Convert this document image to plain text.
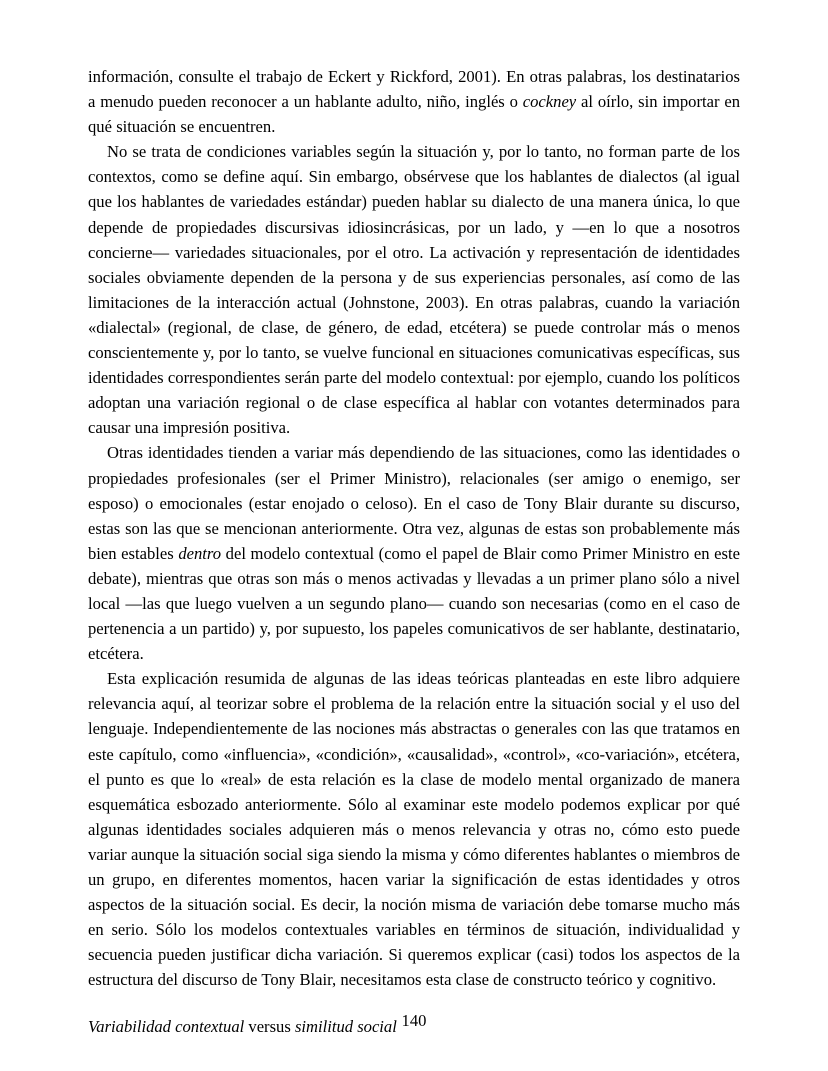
información, consulte el trabajo de Eckert y Rickford, 2001). En otras palabras, los destinatarios a menudo pueden reconocer a un hablante adulto, niño, inglés o cockney al oírlo, sin importar en qué situación se encuentren.

No se trata de condiciones variables según la situación y, por lo tanto, no forman parte de los contextos, como se define aquí. Sin embargo, obsérvese que los hablantes de dialectos (al igual que los hablantes de variedades estándar) pueden hablar su dialecto de una manera única, lo que depende de propiedades discursivas idiosincrásicas, por un lado, y —en lo que a nosotros concierne— variedades situacionales, por el otro. La activación y representación de identidades sociales obviamente dependen de la persona y de sus experiencias personales, así como de las limitaciones de la interacción actual (Johnstone, 2003). En otras palabras, cuando la variación «dialectal» (regional, de clase, de género, de edad, etcétera) se puede controlar más o menos conscientemente y, por lo tanto, se vuelve funcional en situaciones comunicativas específicas, sus identidades correspondientes serán parte del modelo contextual: por ejemplo, cuando los políticos adoptan una variación regional o de clase específica al hablar con votantes determinados para causar una impresión positiva.

Otras identidades tienden a variar más dependiendo de las situaciones, como las identidades o propiedades profesionales (ser el Primer Ministro), relacionales (ser amigo o enemigo, ser esposo) o emocionales (estar enojado o celoso). En el caso de Tony Blair durante su discurso, estas son las que se mencionan anteriormente. Otra vez, algunas de estas son probablemente más bien estables dentro del modelo contextual (como el papel de Blair como Primer Ministro en este debate), mientras que otras son más o menos activadas y llevadas a un primer plano sólo a nivel local —las que luego vuelven a un segundo plano— cuando son necesarias (como en el caso de pertenencia a un partido) y, por supuesto, los papeles comunicativos de ser hablante, destinatario, etcétera.

Esta explicación resumida de algunas de las ideas teóricas planteadas en este libro adquiere relevancia aquí, al teorizar sobre el problema de la relación entre la situación social y el uso del lenguaje. Independientemente de las nociones más abstractas o generales con las que tratamos en este capítulo, como «influencia», «condición», «causalidad», «control», «co-variación», etcétera, el punto es que lo «real» de esta relación es la clase de modelo mental organizado de manera esquemática esbozado anteriormente. Sólo al examinar este modelo podemos explicar por qué algunas identidades sociales adquieren más o menos relevancia y otras no, cómo esto puede variar aunque la situación social siga siendo la misma y cómo diferentes hablantes o miembros de un grupo, en diferentes momentos, hacen variar la significación de estas identidades y otros aspectos de la situación social. Es decir, la noción misma de variación debe tomarse mucho más en serio. Sólo los modelos contextuales variables en términos de situación, individualidad y secuencia pueden justificar dicha variación. Si queremos explicar (casi) todos los aspectos de la estructura del discurso de Tony Blair, necesitamos esta clase de constructo teórico y cognitivo.

Variabilidad contextual versus similitud social 140
